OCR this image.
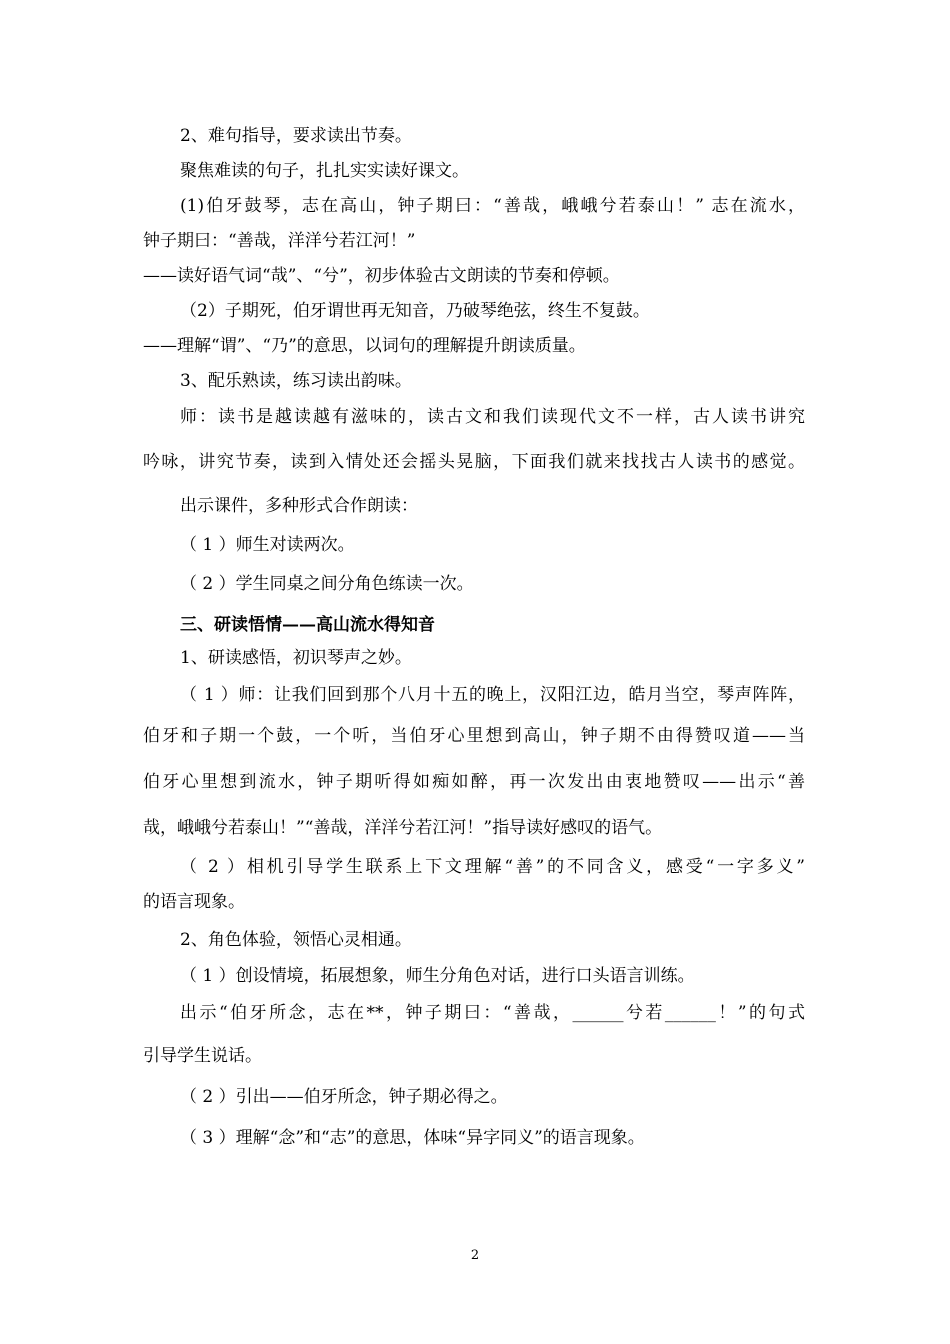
2、难句指导，要求读出节奏。
聚焦难读的句子，扎扎实实读好课文。
(1)伯牙鼓琴，志在高山，钟子期曰：“善哉，峨峨兮若泰山！” 志在流水，
钟子期曰：“善哉，洋洋兮若江河！”
——读好语气词“哉”、“兮”，初步体验古文朗读的节奏和停顿。
（2）子期死，伯牙谓世再无知音，乃破琴绝弦，终生不复鼓。
——理解“谓”、“乃”的意思，以词句的理解提升朗读质量。
3、配乐熟读，练习读出韵味。
师：读书是越读越有滋味的，读古文和我们读现代文不一样，古人读书讲究
吟咏，讲究节奏，读到入情处还会摇头晃脑，下面我们就来找找古人读书的感觉。
出示课件，多种形式合作朗读：
（ 1 ）师生对读两次。
（ 2 ）学生同桌之间分角色练读一次。
三、研读悟情——高山流水得知音
1、研读感悟，初识琴声之妙。
（ 1 ）师：让我们回到那个八月十五的晚上，汉阳江边，皓月当空，琴声阵阵，
伯牙和子期一个鼓，一个听，当伯牙心里想到高山，钟子期不由得赞叹道——当
伯牙心里想到流水，钟子期听得如痴如醉，再一次发出由衷地赞叹——出示“善
哉，峨峨兮若泰山！”“善哉，洋洋兮若江河！”指导读好感叹的语气。
（ 2 ）相机引导学生联系上下文理解“善”的不同含义，感受“一字多义”
的语言现象。
2、角色体验，领悟心灵相通。
（ 1 ）创设情境，拓展想象，师生分角色对话，进行口头语言训练。
出示“伯牙所念，志在**，钟子期曰：“善哉，______兮若______！”的句式
引导学生说话。
（ 2 ）引出——伯牙所念，钟子期必得之。
（ 3 ）理解“念”和“志”的意思，体味“异字同义”的语言现象。
2
